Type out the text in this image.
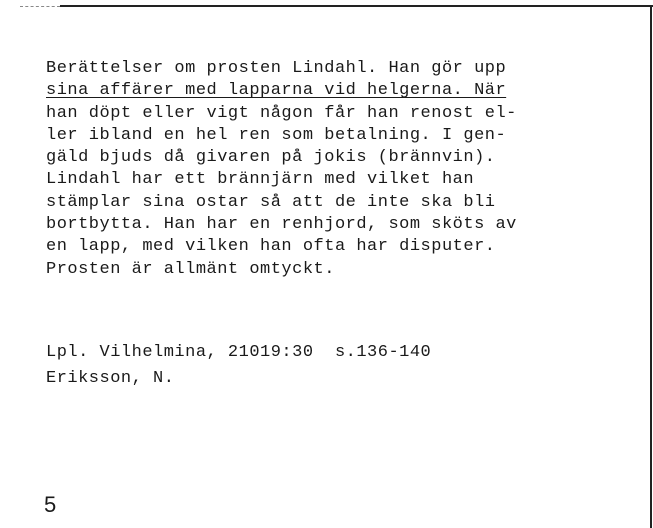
Berättelser om prosten Lindahl. Han gör upp
sina affärer med lapparna vid helgerna. När
han döpt eller vigt någon får han renost el-
ler ibland en hel ren som betalning. I gen-
gäld bjuds då givaren på jokis (brännvin).
Lindahl har ett brännjärn med vilket han
stämplar sina ostar så att de inte ska bli
bortbytta. Han har en renhjord, som sköts av
en lapp, med vilken han ofta har disputer.
Prosten är allmänt omtyckt.
Lpl. Vilhelmina, 21019:30  s.136-140
Eriksson, N.
5
